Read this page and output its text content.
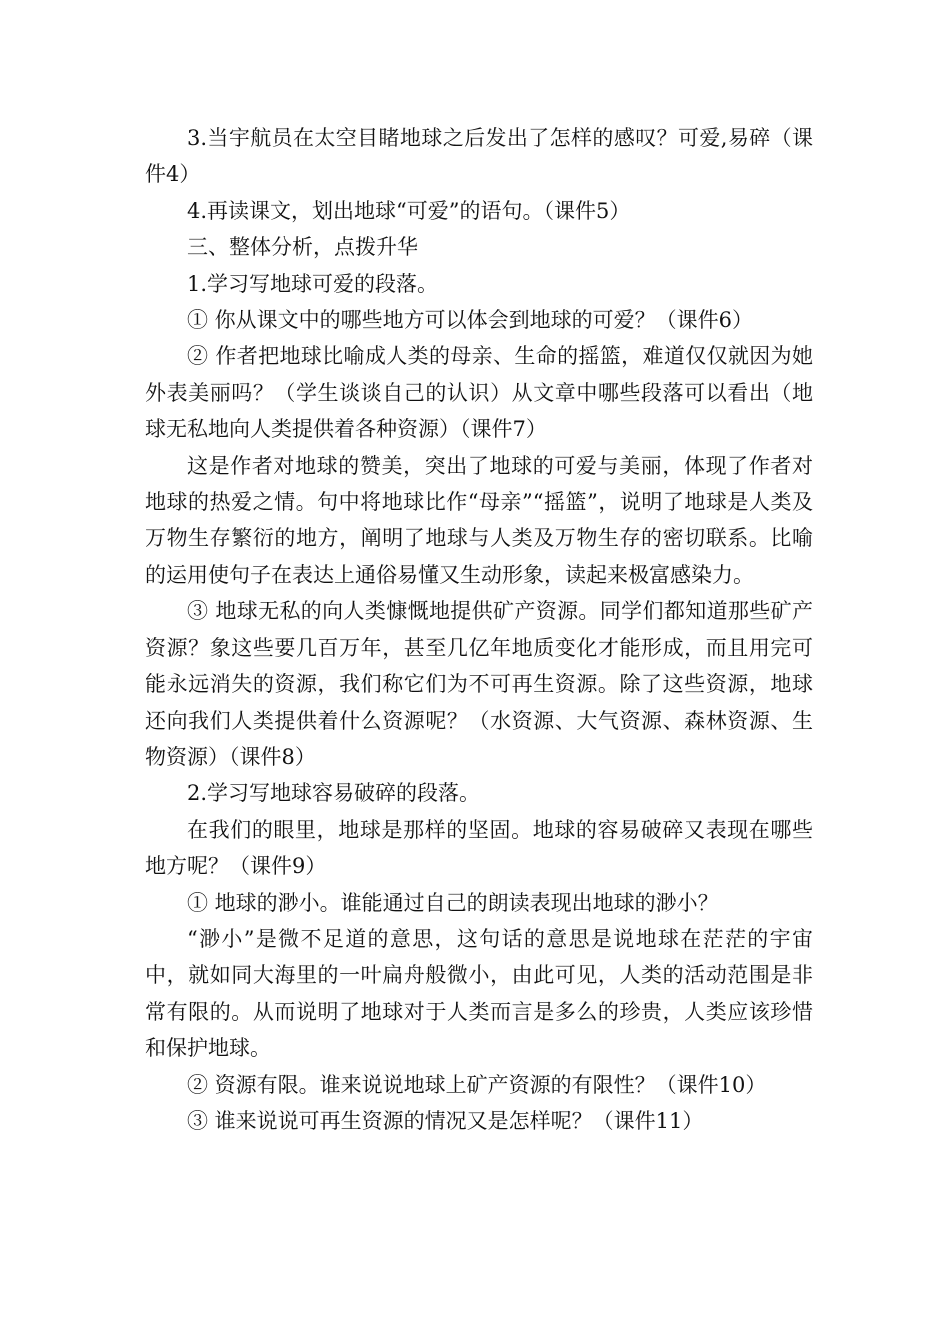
3.当宇航员在太空目睹地球之后发出了怎样的感叹？可爱,易碎（课件4）

4.再读课文，划出地球“可爱”的语句。（课件5）

三、整体分析，点拨升华

1.学习写地球可爱的段落。

① 你从课文中的哪些地方可以体会到地球的可爱？（课件6）

② 作者把地球比喻成人类的母亲、生命的摇篮，难道仅仅就因为她外表美丽吗？（学生谈谈自己的认识）从文章中哪些段落可以看出（地球无私地向人类提供着各种资源）（课件7）

这是作者对地球的赞美，突出了地球的可爱与美丽，体现了作者对地球的热爱之情。句中将地球比作“母亲”“摇篮”，说明了地球是人类及万物生存繁衍的地方，阐明了地球与人类及万物生存的密切联系。比喻的运用使句子在表达上通俗易懂又生动形象，读起来极富感染力。

③ 地球无私的向人类慷慨地提供矿产资源。同学们都知道那些矿产资源？象这些要几百万年，甚至几亿年地质变化才能形成，而且用完可能永远消失的资源，我们称它们为不可再生资源。除了这些资源，地球还向我们人类提供着什么资源呢？（水资源、大气资源、森林资源、生物资源）（课件8）

2.学习写地球容易破碎的段落。

在我们的眼里，地球是那样的坚固。地球的容易破碎又表现在哪些地方呢？（课件9）

① 地球的渺小。谁能通过自己的朗读表现出地球的渺小？

“渺小”是微不足道的意思，这句话的意思是说地球在茫茫的宇宙中，就如同大海里的一叶扁舟般微小，由此可见，人类的活动范围是非常有限的。从而说明了地球对于人类而言是多么的珍贵，人类应该珍惜和保护地球。

② 资源有限。谁来说说地球上矿产资源的有限性？（课件10）

③ 谁来说说可再生资源的情况又是怎样呢？（课件11）
